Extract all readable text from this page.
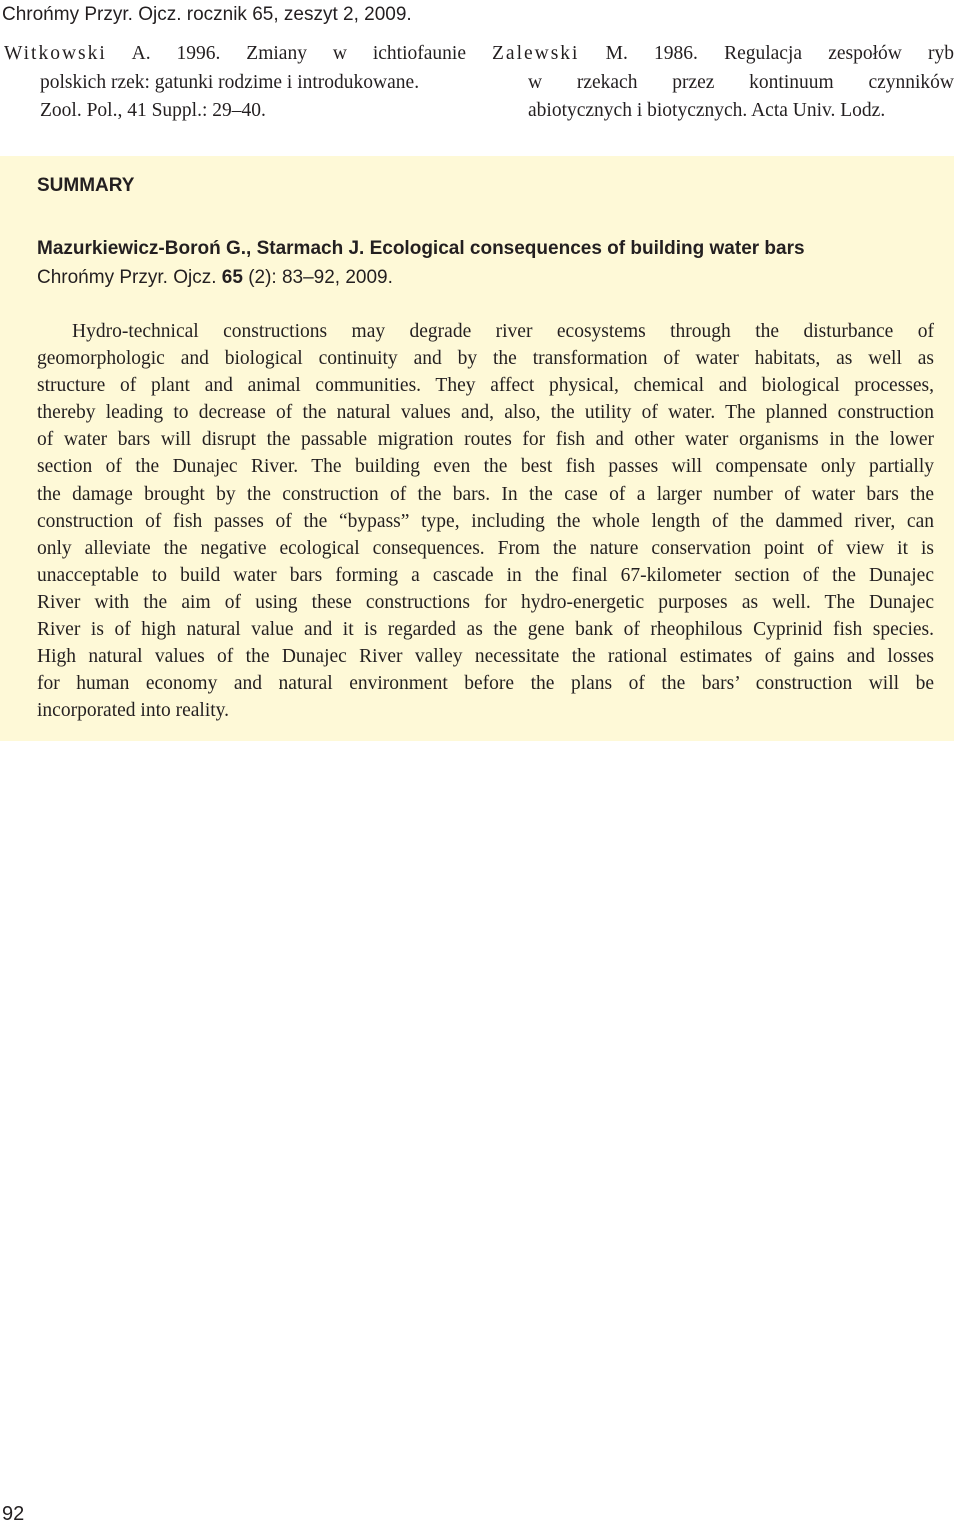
Chrońmy Przyr. Ojcz. rocznik 65, zeszyt 2, 2009.
Witkowski A. 1996. Zmiany w ichtiofaunie
polskich rzek: gatunki rodzime i introdukowane.
Zool. Pol., 41 Suppl.: 29–40.
Zalewski M. 1986. Regulacja zespołów ryb
w rzekach przez kontinuum czynników
abiotycznych i biotycznych. Acta Univ. Lodz.
SUMMARY
Mazurkiewicz-Boroń G., Starmach J. Ecological consequences of building water bars
Chrońmy Przyr. Ojcz. 65 (2): 83–92, 2009.
Hydro-technical constructions may degrade river ecosystems through the disturbance of
geomorphologic and biological continuity and by the transformation of water habitats, as well as
structure of plant and animal communities. They affect physical, chemical and biological processes,
thereby leading to decrease of the natural values and, also, the utility of water. The planned construction
of water bars will disrupt the passable migration routes for fish and other water organisms in the lower
section of the Dunajec River. The building even the best fish passes will compensate only partially
the damage brought by the construction of the bars. In the case of a larger number of water bars the
construction of fish passes of the “bypass” type, including the whole length of the dammed river, can
only alleviate the negative ecological consequences. From the nature conservation point of view it is
unacceptable to build water bars forming a cascade in the final 67-kilometer section of the Dunajec
River with the aim of using these constructions for hydro-energetic purposes as well. The Dunajec
River is of high natural value and it is regarded as the gene bank of rheophilous Cyprinid fish species.
High natural values of the Dunajec River valley necessitate the rational estimates of gains and losses
for human economy and natural environment before the plans of the bars’ construction will be
incorporated into reality.
92
